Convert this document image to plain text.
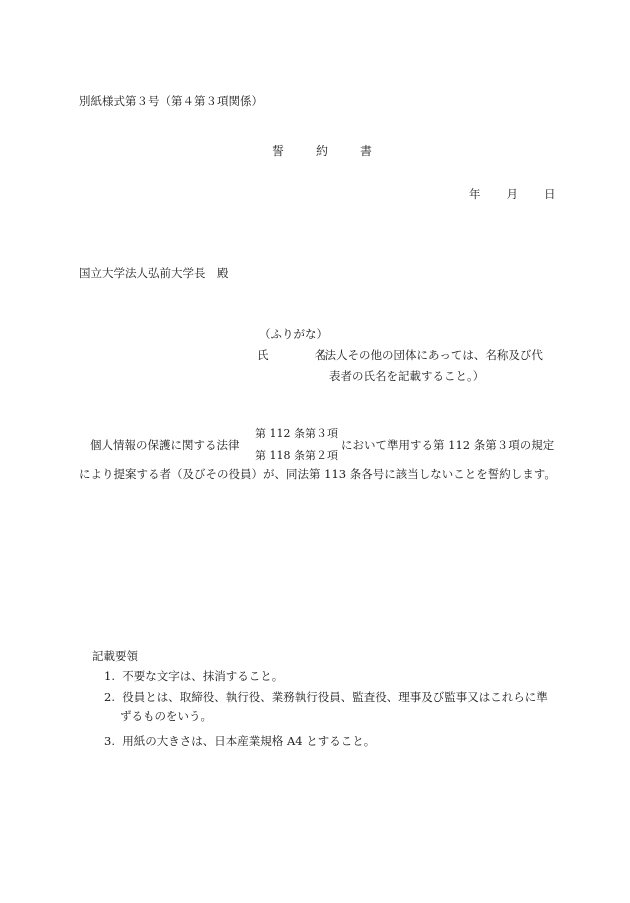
別紙様式第３号（第４第３項関係）
誓	約	書
年 月 日
国立大学法人弘前大学長　殿
（ふりがな）
氏　　　　名
（法人その他の団体にあっては、名称及び代
表者の氏名を記載すること。）
個人情報の保護に関する法律
第 112 条第３項
第 118 条第２項
において準用する第 112 条第３項の規定
により提案する者（及びその役員）が、同法第 113 条各号に該当しないことを誓約します。
記載要領
1. 不要な文字は、抹消すること。
2. 役員とは、取締役、執行役、業務執行役員、監査役、理事及び監事又はこれらに準
ずるものをいう。
3. 用紙の大きさは、日本産業規格 A4 とすること。
